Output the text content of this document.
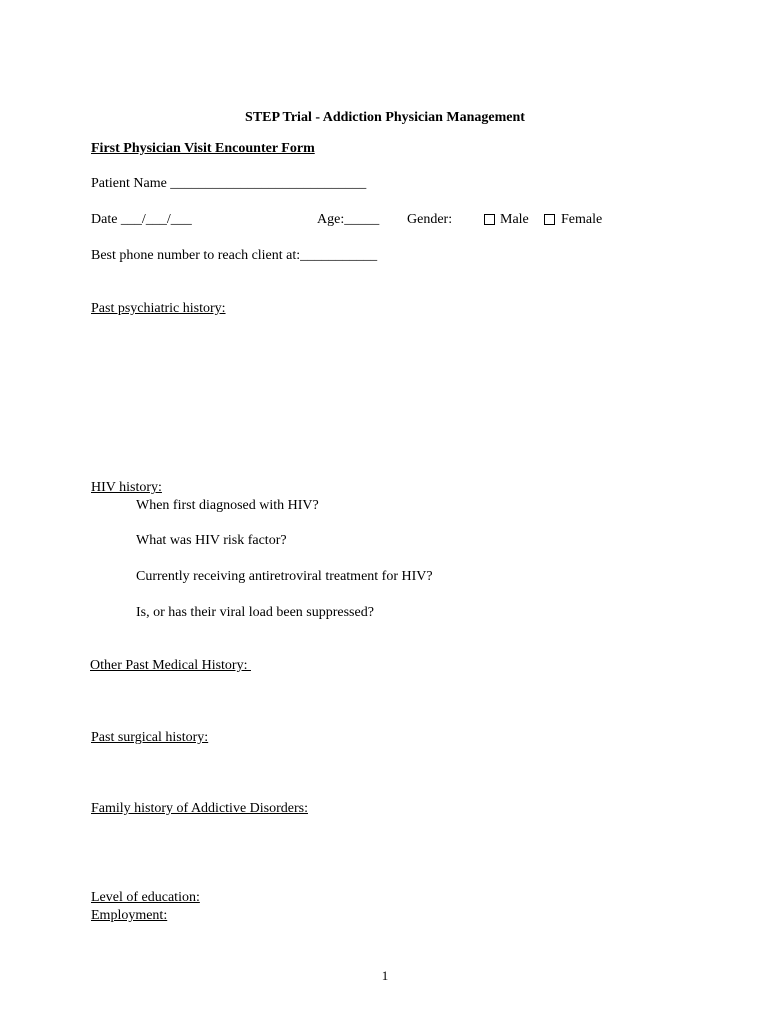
STEP Trial - Addiction Physician Management
First Physician Visit Encounter Form
Patient Name ____________________________
Date ___/___/___	Age:_____ Gender:	Male Female
Best phone number to reach client at:___________
Past psychiatric history:
HIV history:
When first diagnosed with HIV?
What was HIV risk factor?
Currently receiving antiretroviral treatment for HIV?
Is, or has their viral load been suppressed?
Other Past Medical History:
Past surgical history:
Family history of Addictive Disorders:
Level of education:
Employment:
1
